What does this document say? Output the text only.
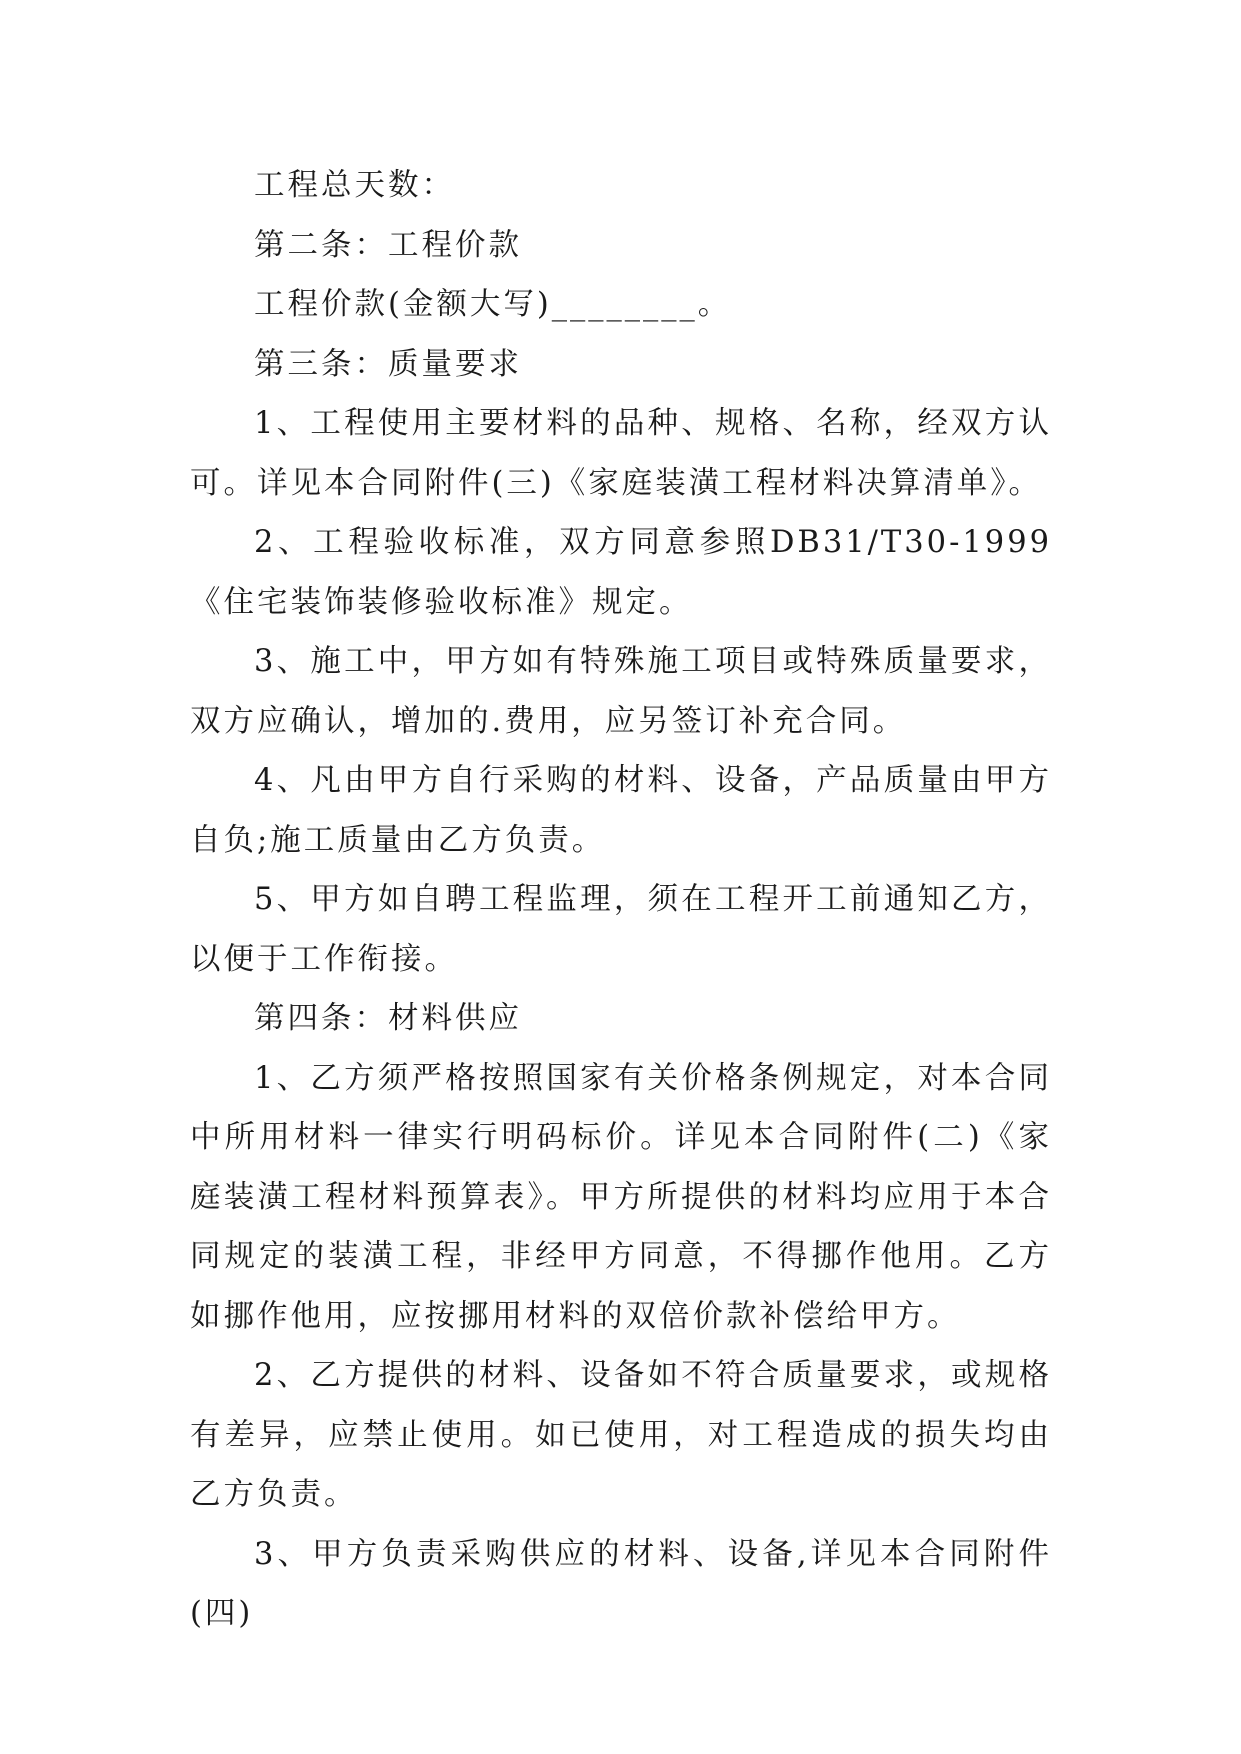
工程总天数：

第二条：工程价款

工程价款(金额大写)________。

第三条：质量要求

1、工程使用主要材料的品种、规格、名称，经双方认可。详见本合同附件(三)《家庭装潢工程材料决算清单》。

2、工程验收标准，双方同意参照DB31/T30-1999《住宅装饰装修验收标准》规定。

3、施工中，甲方如有特殊施工项目或特殊质量要求，双方应确认，增加的.费用，应另签订补充合同。

4、凡由甲方自行采购的材料、设备，产品质量由甲方自负;施工质量由乙方负责。

5、甲方如自聘工程监理，须在工程开工前通知乙方，以便于工作衔接。

第四条：材料供应

1、乙方须严格按照国家有关价格条例规定，对本合同中所用材料一律实行明码标价。详见本合同附件(二)《家庭装潢工程材料预算表》。甲方所提供的材料均应用于本合同规定的装潢工程，非经甲方同意，不得挪作他用。乙方如挪作他用，应按挪用材料的双倍价款补偿给甲方。

2、乙方提供的材料、设备如不符合质量要求，或规格有差异，应禁止使用。如已使用，对工程造成的损失均由乙方负责。

3、甲方负责采购供应的材料、设备,详见本合同附件(四)
